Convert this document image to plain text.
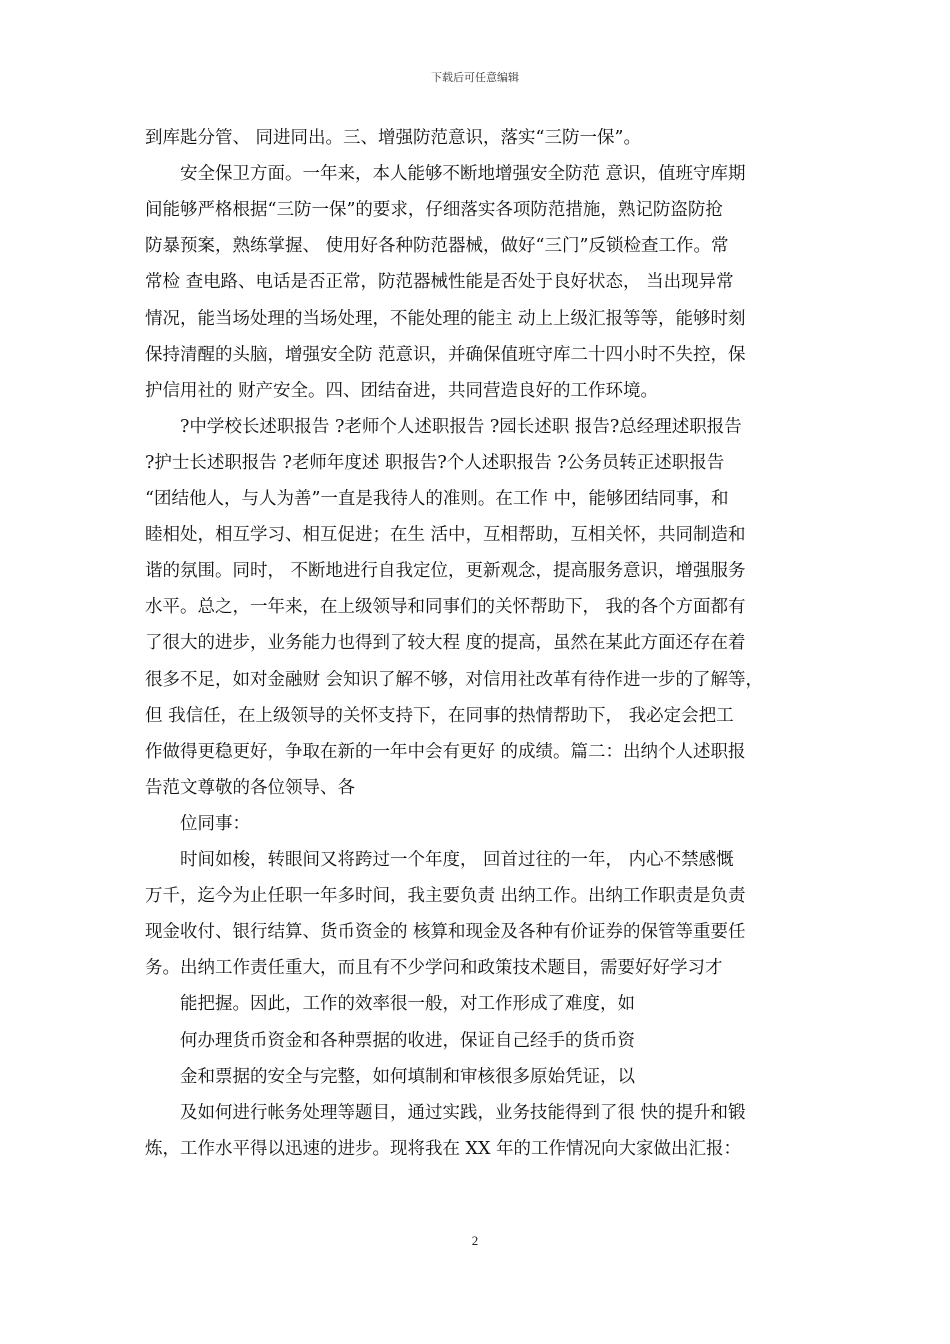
下载后可任意编辑
到库匙分管、 同进同出。三、增强防范意识，落实“三防一保”。
　　安全保卫方面。一年来，本人能够不断地增强安全防范 意识，值班守库期
间能够严格根据“三防一保”的要求，仔细落实各项防范措施，熟记防盗防抢
防暴预案，熟练掌握、 使用好各种防范器械，做好“三门”反锁检查工作。常
常检 查电路、电话是否正常，防范器械性能是否处于良好状态， 当出现异常
情况，能当场处理的当场处理，不能处理的能主 动上上级汇报等等，能够时刻
保持清醒的头脑，增强安全防 范意识，并确保值班守库二十四小时不失控，保
护信用社的 财产安全。四、团结奋进，共同营造良好的工作环境。
　　?中学校长述职报告 ?老师个人述职报告 ?园长述职 报告?总经理述职报告
?护士长述职报告 ?老师年度述 职报告?个人述职报告 ?公务员转正述职报告
“团结他人，与人为善”一直是我待人的准则。在工作 中，能够团结同事，和
睦相处，相互学习、相互促进；在生 活中，互相帮助，互相关怀，共同制造和
谐的氛围。同时， 不断地进行自我定位，更新观念，提高服务意识，增强服务
水平。总之，一年来，在上级领导和同事们的关怀帮助下， 我的各个方面都有
了很大的进步，业务能力也得到了较大程 度的提高，虽然在某此方面还存在着
很多不足，如对金融财 会知识了解不够，对信用社改革有待作进一步的了解等，
但 我信任，在上级领导的关怀支持下，在同事的热情帮助下， 我必定会把工
作做得更稳更好，争取在新的一年中会有更好 的成绩。篇二：出纳个人述职报
告范文尊敬的各位领导、各
　　位同事：
　　时间如梭，转眼间又将跨过一个年度， 回首过往的一年， 内心不禁感慨
万千，迄今为止任职一年多时间，我主要负责 出纳工作。出纳工作职责是负责
现金收付、银行结算、货币资金的 核算和现金及各种有价证券的保管等重要任
务。出纳工作责任重大，而且有不少学问和政策技术题目，需要好好学习才
　　能把握。因此，工作的效率很一般，对工作形成了难度，如
　　何办理货币资金和各种票据的收进，保证自己经手的货币资
　　金和票据的安全与完整，如何填制和审核很多原始凭证，以
　　及如何进行帐务处理等题目，通过实践，业务技能得到了很 快的提升和锻
炼，工作水平得以迅速的进步。现将我在 XX 年的工作情况向大家做出汇报：
2
